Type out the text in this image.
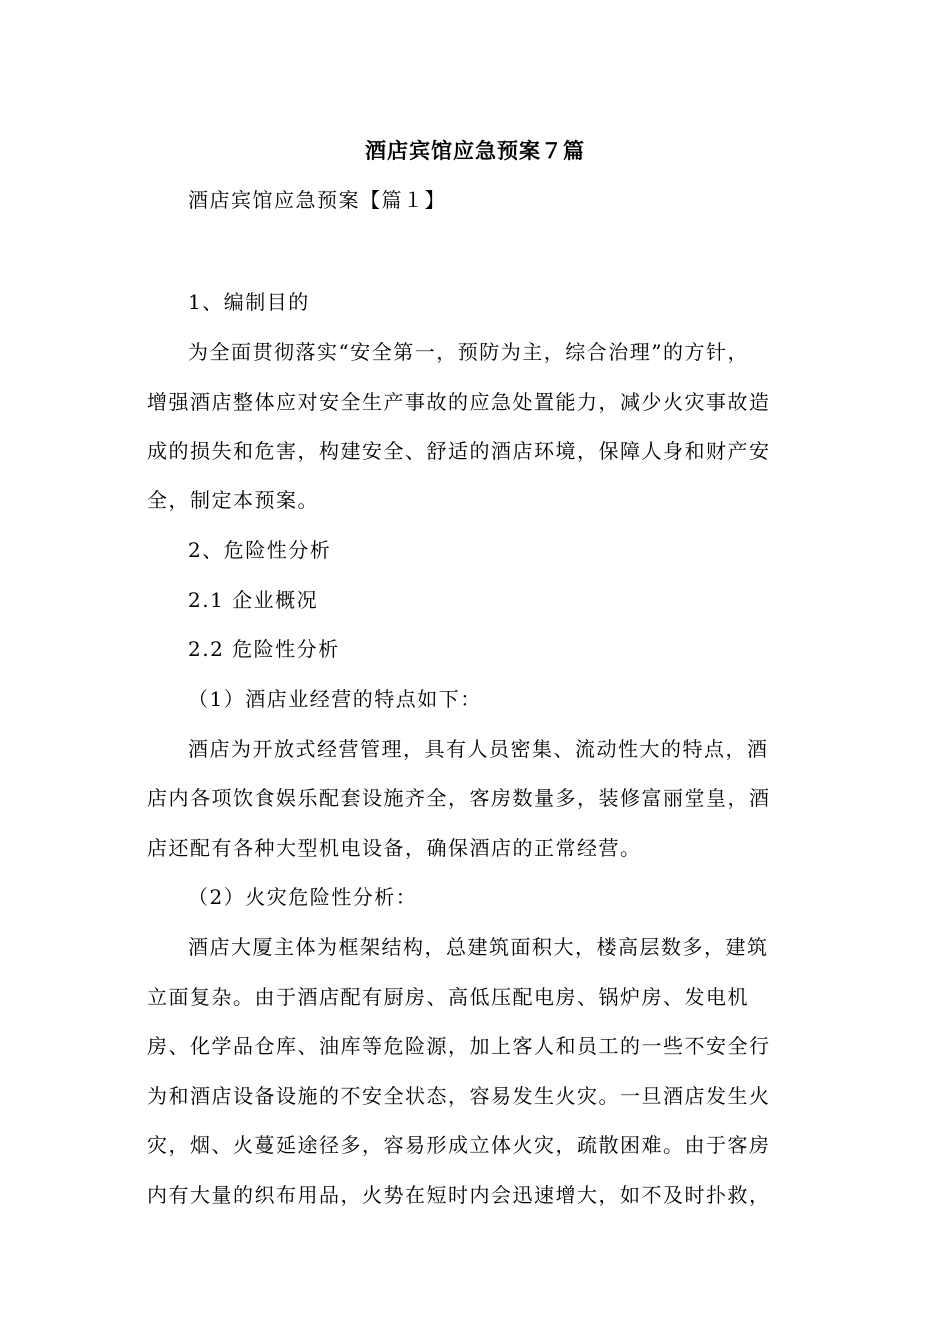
酒店宾馆应急预案７篇
酒店宾馆应急预案【篇１】
1、编制目的
为全面贯彻落实“安全第一，预防为主，综合治理”的方针，
增强酒店整体应对安全生产事故的应急处置能力，减少火灾事故造
成的损失和危害，构建安全、舒适的酒店环境，保障人身和财产安
全，制定本预案。
2、危险性分析
2.1 企业概况
2.2 危险性分析
（1）酒店业经营的特点如下：
酒店为开放式经营管理，具有人员密集、流动性大的特点，酒
店内各项饮食娱乐配套设施齐全，客房数量多，装修富丽堂皇，酒
店还配有各种大型机电设备，确保酒店的正常经营。
（2）火灾危险性分析：
酒店大厦主体为框架结构，总建筑面积大，楼高层数多，建筑
立面复杂。由于酒店配有厨房、高低压配电房、锅炉房、发电机
房、化学品仓库、油库等危险源，加上客人和员工的一些不安全行
为和酒店设备设施的不安全状态，容易发生火灾。一旦酒店发生火
灾，烟、火蔓延途径多，容易形成立体火灾，疏散困难。由于客房
内有大量的织布用品，火势在短时内会迅速增大，如不及时扑救，
